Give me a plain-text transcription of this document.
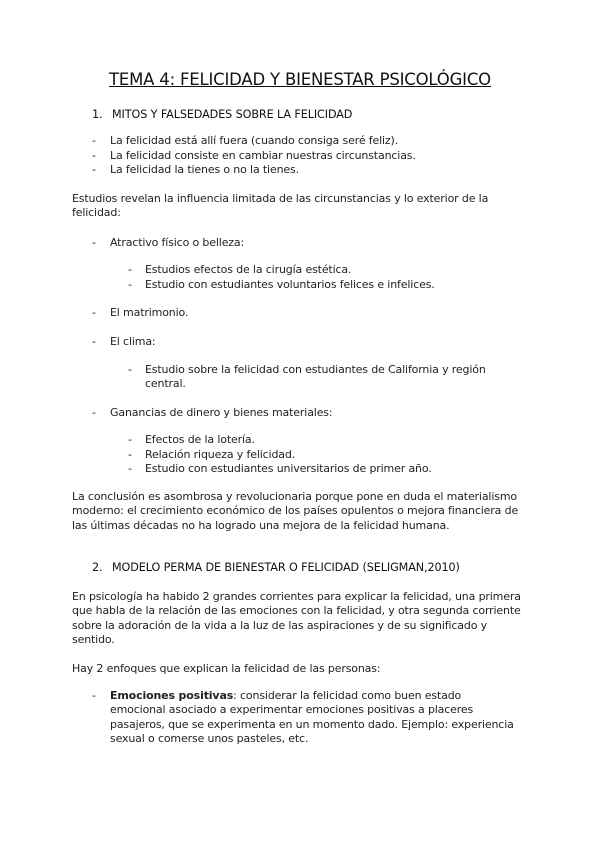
TEMA 4: FELICIDAD Y BIENESTAR PSICOLÓGICO
1. MITOS Y FALSEDADES SOBRE LA FELICIDAD
- La felicidad está allí fuera (cuando consiga seré feliz).
- La felicidad consiste en cambiar nuestras circunstancias.
- La felicidad la tienes o no la tienes.
Estudios revelan la influencia limitada de las circunstancias y lo exterior de la felicidad:
- Atractivo físico o belleza:
- Estudios efectos de la cirugía estética.
- Estudio con estudiantes voluntarios felices e infelices.
- El matrimonio.
- El clima:
- Estudio sobre la felicidad con estudiantes de California y región central.
- Ganancias de dinero y bienes materiales:
- Efectos de la lotería.
- Relación riqueza y felicidad.
- Estudio con estudiantes universitarios de primer año.
La conclusión es asombrosa y revolucionaria porque pone en duda el materialismo moderno: el crecimiento económico de los países opulentos o mejora financiera de las últimas décadas no ha logrado una mejora de la felicidad humana.
2. MODELO PERMA DE BIENESTAR O FELICIDAD (SELIGMAN,2010)
En psicología ha habido 2 grandes corrientes para explicar la felicidad, una primera que habla de la relación de las emociones con la felicidad, y otra segunda corriente sobre la adoración de la vida a la luz de las aspiraciones y de su significado y sentido.
Hay 2 enfoques que explican la felicidad de las personas:
- Emociones positivas: considerar la felicidad como buen estado emocional asociado a experimentar emociones positivas a placeres pasajeros, que se experimenta en un momento dado. Ejemplo: experiencia sexual o comerse unos pasteles, etc.
